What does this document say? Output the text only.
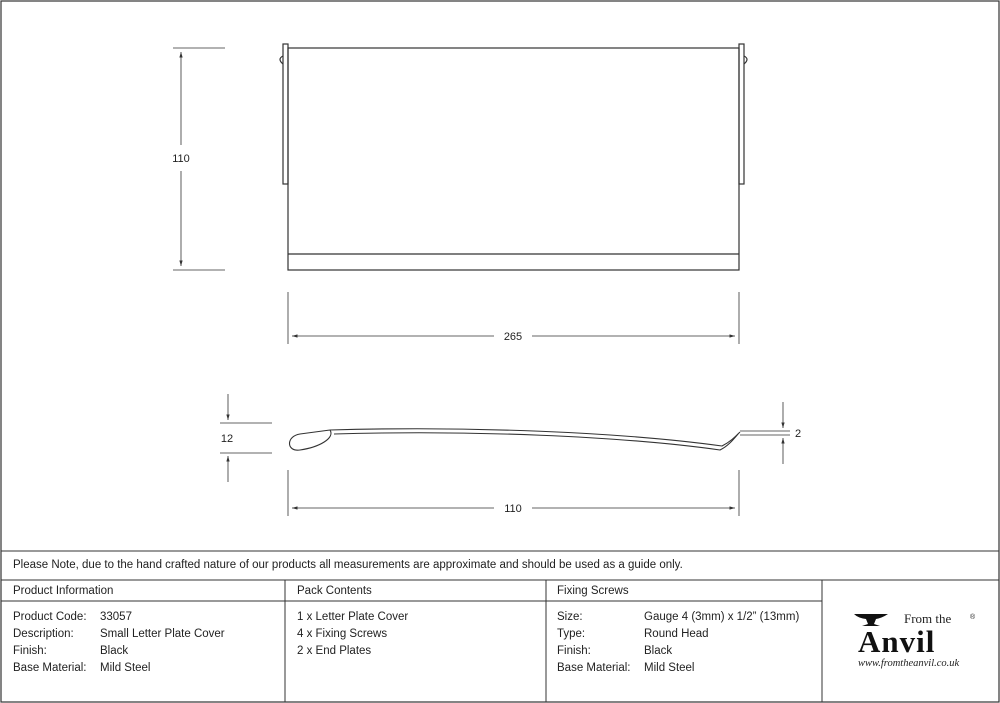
110
265
12	2
110
Please Note, due to the hand crafted nature of our products all measurements are approximate and should be used as a guide only.
Product Information
Product Code: 33057
Description: Small Letter Plate Cover
Finish:	Black
Base Material: Mild Steel
Pack Contents
1 x Letter Plate Cover
4 x Fixing Screws
2 x End Plates
Fixing Screws
Size:	Gauge 4 (3mm) x 1/2” (13mm)
Type:	Round Head
Finish:	Black
Base Material: Mild Steel
From the	®
Anvil
www.fromtheanvil.co.uk
